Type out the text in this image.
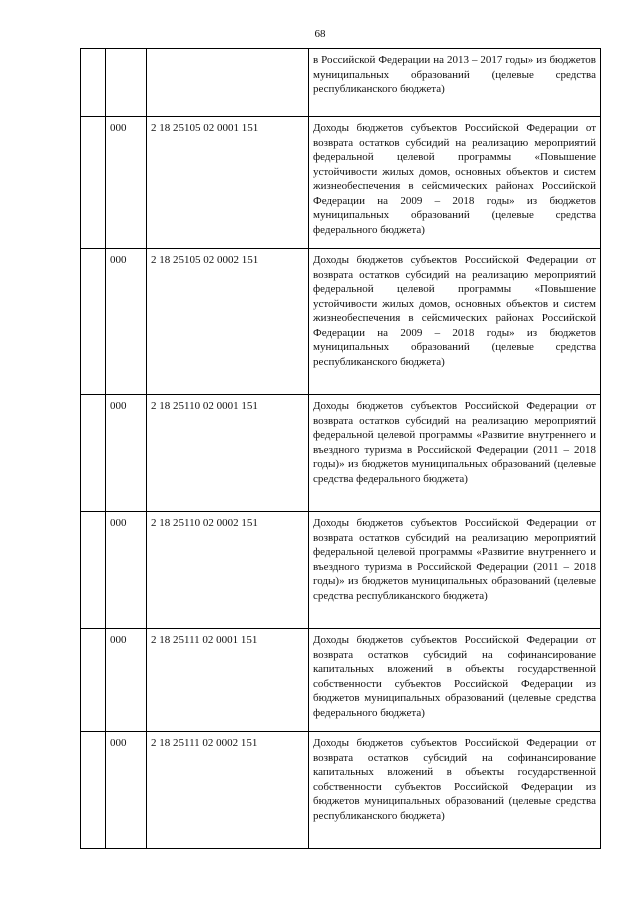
68
			в Российской Федерации на 2013 – 2017 годы» из бюджетов муниципальных образований (целевые средства республиканского бюджета)
	000	2 18 25105 02 0001 151	Доходы бюджетов субъектов Российской Федерации от возврата остатков субсидий на реализацию мероприятий федеральной целевой программы «Повышение устойчивости жилых домов, основных объектов и систем жизнеобеспечения в сейсмических районах Российской Федерации на 2009 – 2018 годы» из бюджетов муниципальных образований (целевые средства федерального бюджета)
	000	2 18 25105 02 0002 151	Доходы бюджетов субъектов Российской Федерации от возврата остатков субсидий на реализацию мероприятий федеральной целевой программы «Повышение устойчивости жилых домов, основных объектов и систем жизнеобеспечения в сейсмических районах Российской Федерации на 2009 – 2018 годы» из бюджетов муниципальных образований (целевые средства республиканского бюджета)
	000	2 18 25110 02 0001 151	Доходы бюджетов субъектов Российской Федерации от возврата остатков субсидий на реализацию мероприятий федеральной целевой программы «Развитие внутреннего и въездного туризма в Российской Федерации (2011 – 2018 годы)» из бюджетов муниципальных образований (целевые средства федерального бюджета)
	000	2 18 25110 02 0002 151	Доходы бюджетов субъектов Российской Федерации от возврата остатков субсидий на реализацию мероприятий федеральной целевой программы «Развитие внутреннего и въездного туризма в Российской Федерации (2011 – 2018 годы)» из бюджетов муниципальных образований (целевые средства республиканского бюджета)
	000	2 18 25111 02 0001 151	Доходы бюджетов субъектов Российской Федерации от возврата остатков субсидий на софинансирование капитальных вложений в объекты государственной собственности субъектов Российской Федерации из бюджетов муниципальных образований (целевые средства федерального бюджета)
	000	2 18 25111 02 0002 151	Доходы бюджетов субъектов Российской Федерации от возврата остатков субсидий на софинансирование капитальных вложений в объекты государственной собственности субъектов Российской Федерации из бюджетов муниципальных образований (целевые средства республиканского бюджета)
